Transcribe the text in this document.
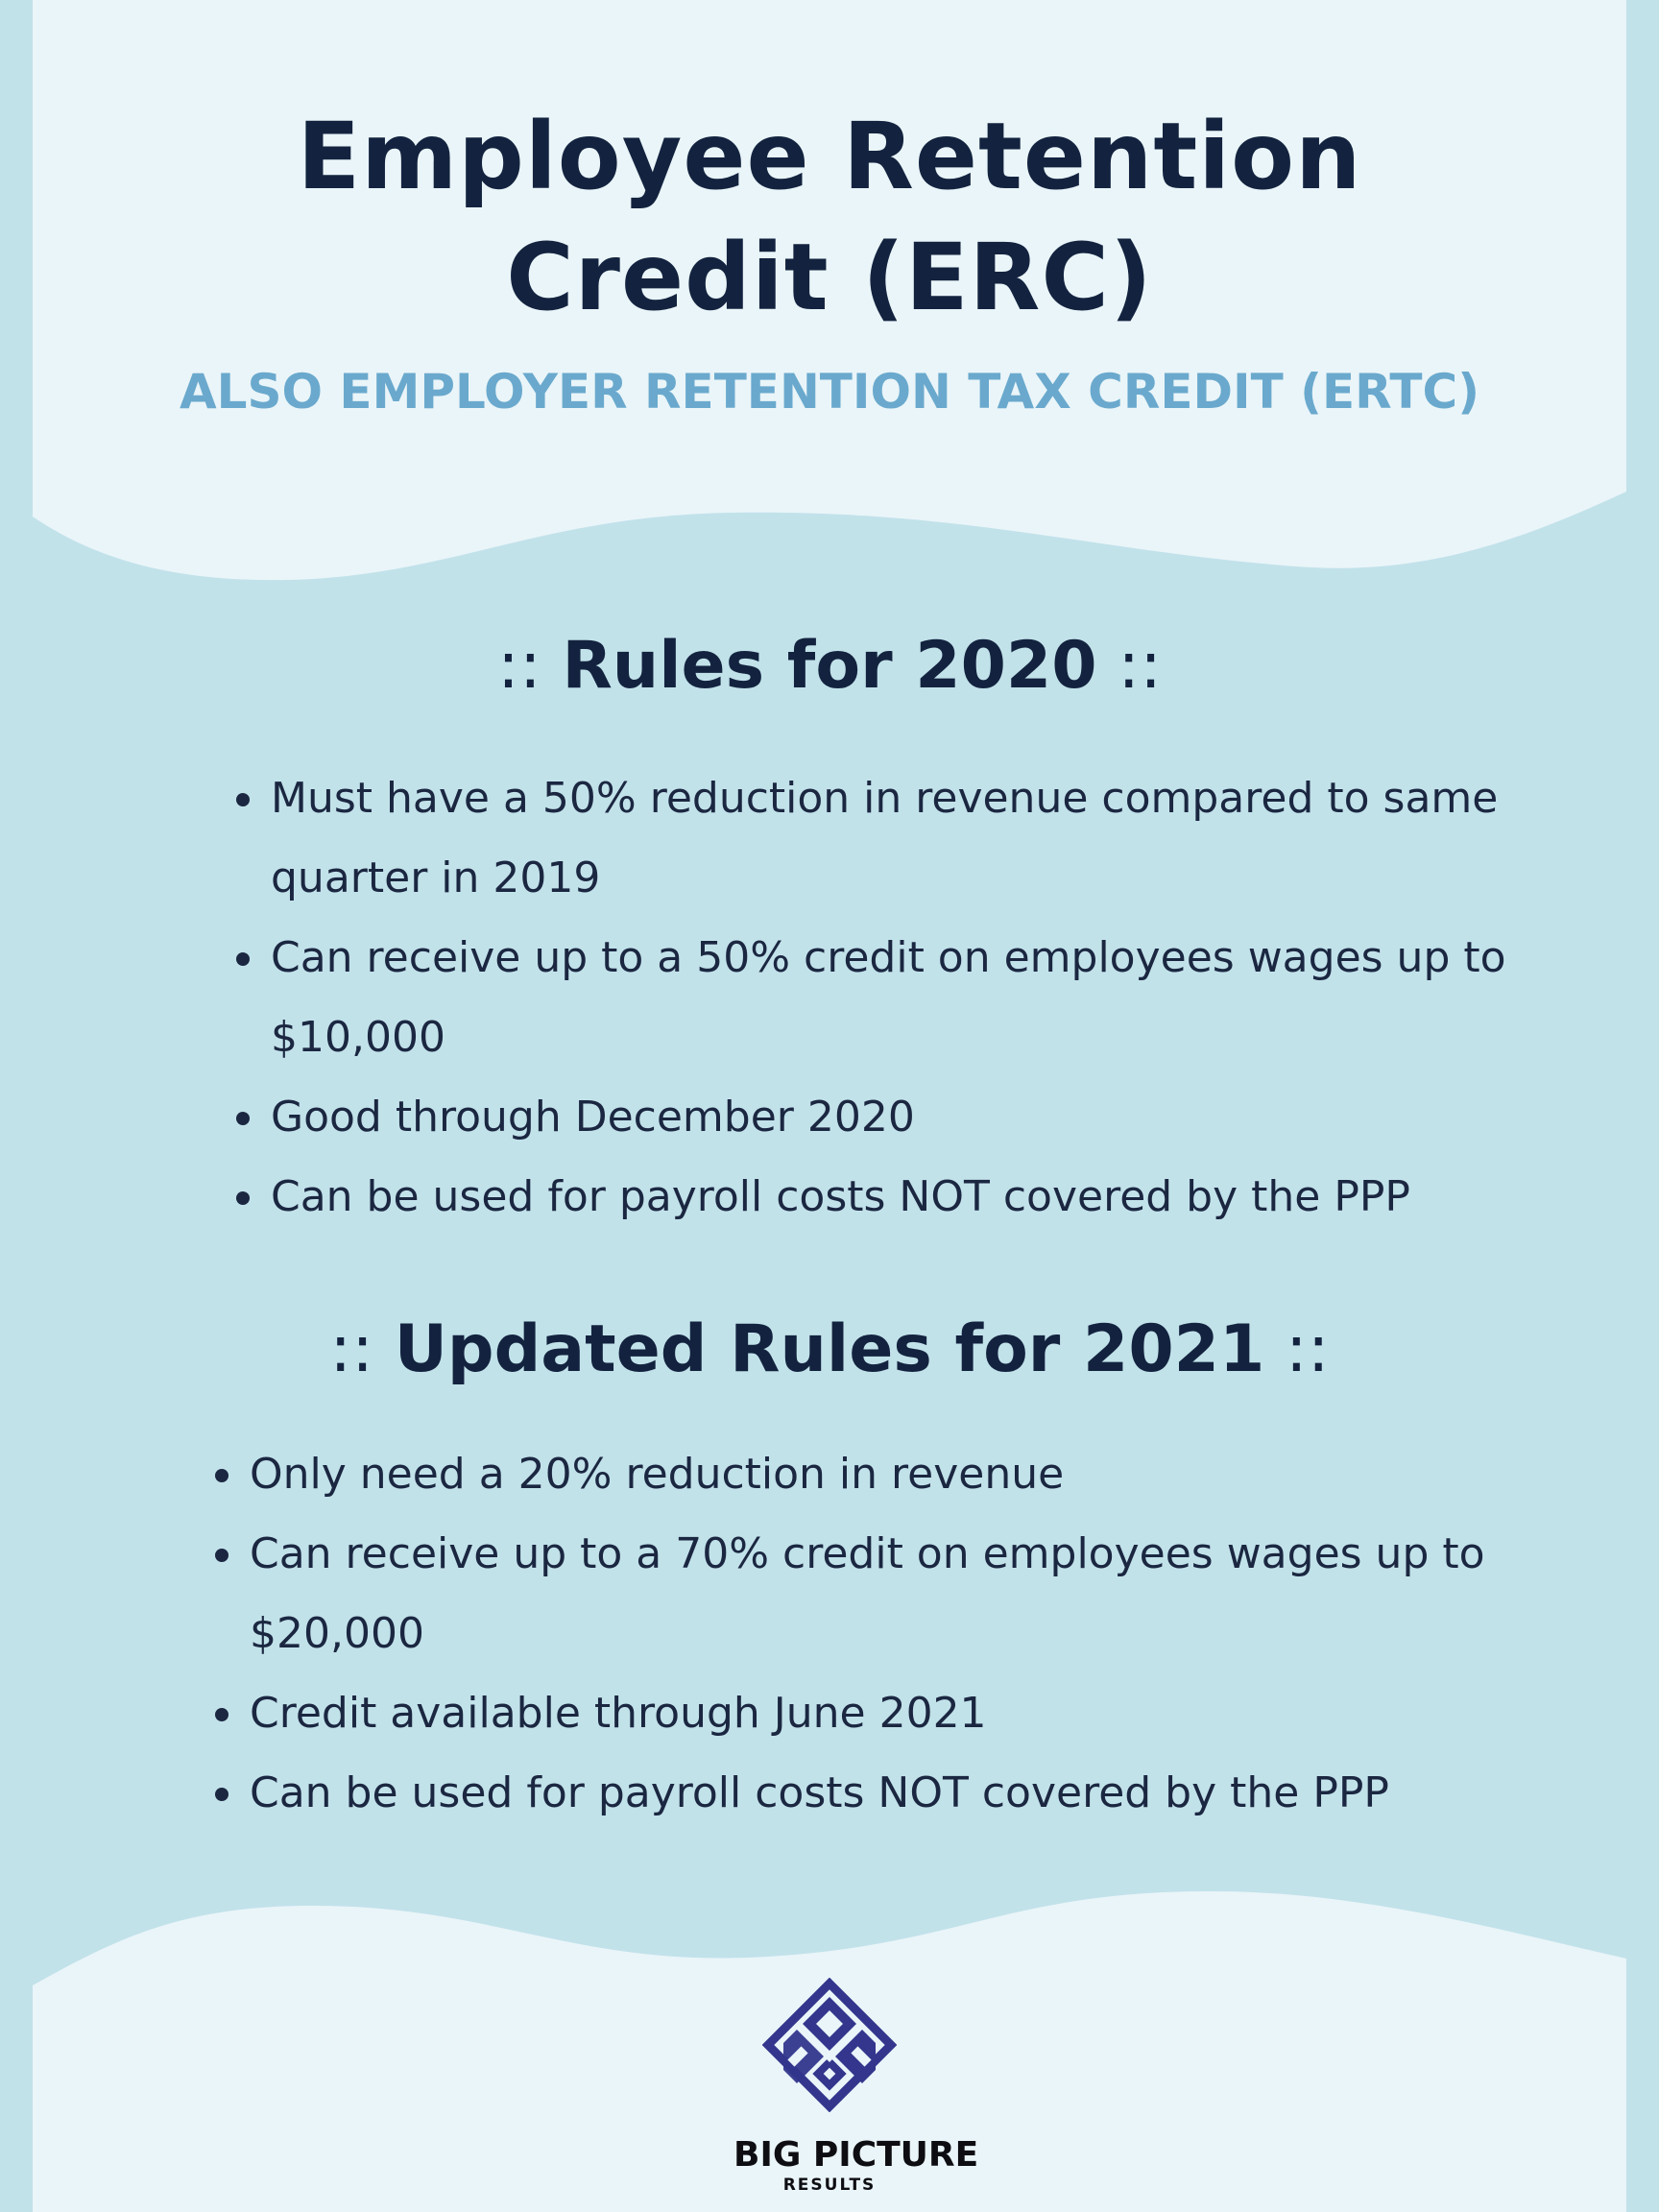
Employee Retention
Credit (ERC)

ALSO EMPLOYER RETENTION TAX CREDIT (ERTC)

:: Rules for 2020 ::
Must have a 50% reduction in revenue compared to same quarter in 2019
Can receive up to a 50% credit on employees wages up to $10,000
Good through December 2020
Can be used for payroll costs NOT covered by the PPP
:: Updated Rules for 2021 ::
Only need a 20% reduction in revenue
Can receive up to a 70% credit on employees wages up to $20,000
Credit available through June 2021
Can be used for payroll costs NOT covered by the PPP
BIG PICTURE
RESULTS
